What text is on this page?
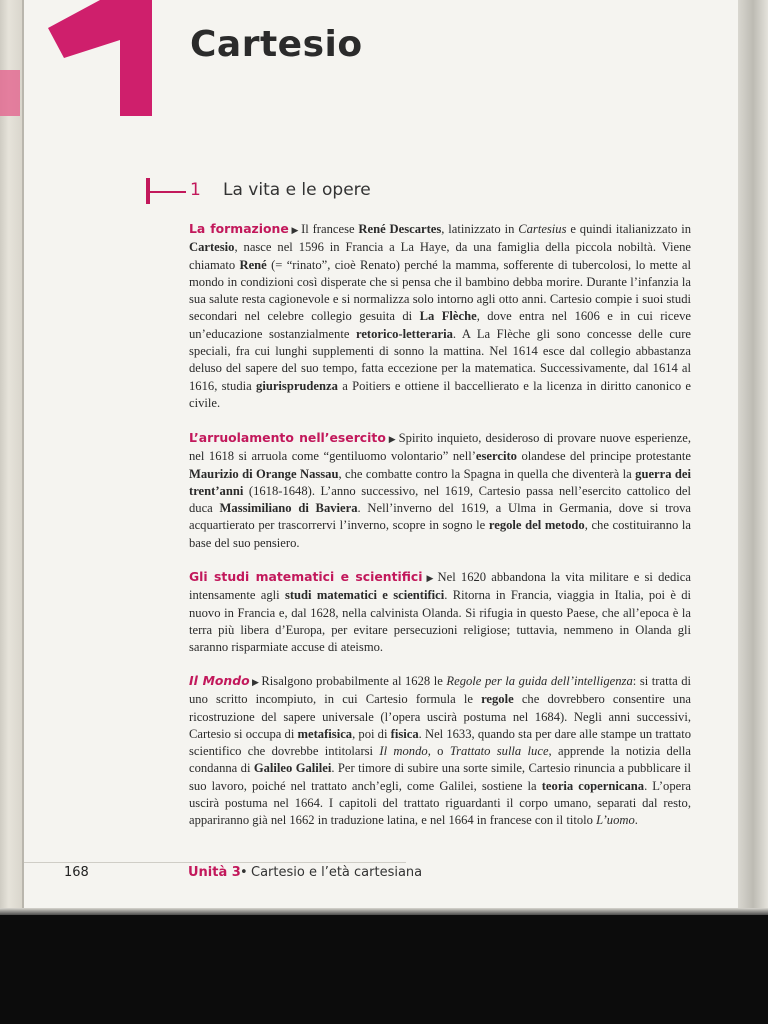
Cartesio
1 La vita e le opere

La formazione ▶ Il francese René Descartes, latinizzato in Cartesius e quindi italianizzato in Cartesio, nasce nel 1596 in Francia a La Haye, da una famiglia della piccola nobiltà. Viene chiamato René (= “rinato”, cioè Renato) perché la mamma, sofferente di tubercolosi, lo mette al mondo in condizioni così disperate che si pensa che il bambino debba morire. Durante l’infanzia la sua salute resta cagionevole e si normalizza solo intorno agli otto anni. Cartesio compie i suoi studi secondari nel celebre collegio gesuita di La Flèche, dove entra nel 1606 e in cui riceve un’educazione sostanzialmente retorico-letteraria. A La Flèche gli sono concesse delle cure speciali, fra cui lunghi supplementi di sonno la mattina. Nel 1614 esce dal collegio abbastanza deluso del sapere del suo tempo, fatta eccezione per la matematica. Successivamente, dal 1614 al 1616, studia giurisprudenza a Poitiers e ottiene il baccellierato e la licenza in diritto canonico e civile.

L’arruolamento nell’esercito ▶ Spirito inquieto, desideroso di provare nuove esperienze, nel 1618 si arruola come “gentiluomo volontario” nell’esercito olandese del principe protestante Maurizio di Orange Nassau, che combatte contro la Spagna in quella che diventerà la guerra dei trent’anni (1618-1648). L’anno successivo, nel 1619, Cartesio passa nell’esercito cattolico del duca Massimiliano di Baviera. Nell’inverno del 1619, a Ulma in Germania, dove si trova acquartierato per trascorrervi l’inverno, scopre in sogno le regole del metodo, che costituiranno la base del suo pensiero.

Gli studi matematici e scientifici ▶ Nel 1620 abbandona la vita militare e si dedica intensamente agli studi matematici e scientifici. Ritorna in Francia, viaggia in Italia, poi è di nuovo in Francia e, dal 1628, nella calvinista Olanda. Si rifugia in questo Paese, che all’epoca è la terra più libera d’Europa, per evitare persecuzioni religiose; tuttavia, nemmeno in Olanda gli saranno risparmiate accuse di ateismo.

Il Mondo ▶ Risalgono probabilmente al 1628 le Regole per la guida dell’intelligenza: si tratta di uno scritto incompiuto, in cui Cartesio formula le regole che dovrebbero consentire una ricostruzione del sapere universale (l’opera uscirà postuma nel 1684). Negli anni successivi, Cartesio si occupa di metafisica, poi di fisica. Nel 1633, quando sta per dare alle stampe un trattato scientifico che dovrebbe intitolarsi Il mondo, o Trattato sulla luce, apprende la notizia della condanna di Galileo Galilei. Per timore di subire una sorte simile, Cartesio rinuncia a pubblicare il suo lavoro, poiché nel trattato anch’egli, come Galilei, sostiene la teoria copernicana. L’opera uscirà postuma nel 1664. I capitoli del trattato riguardanti il corpo umano, separati dal resto, appariranno già nel 1662 in traduzione latina, e nel 1664 in francese con il titolo L’uomo.

168	Unità 3 • Cartesio e l’età cartesiana
